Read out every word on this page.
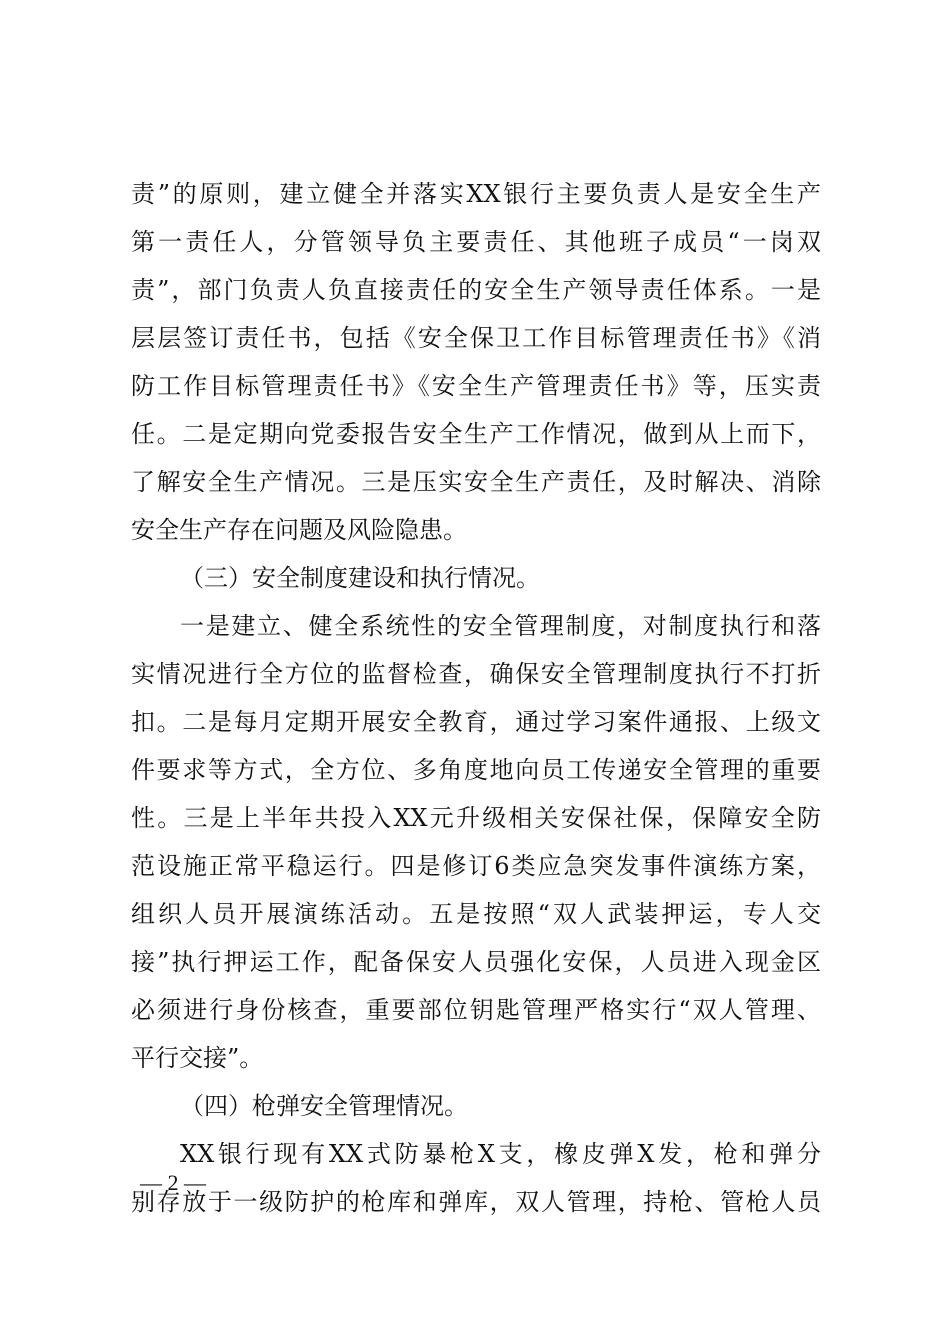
责”的原则，建立健全并落实XX银行主要负责人是安全生产
第一责任人，分管领导负主要责任、其他班子成员“一岗双
责”，部门负责人负直接责任的安全生产领导责任体系。一是
层层签订责任书，包括《安全保卫工作目标管理责任书》《消
防工作目标管理责任书》《安全生产管理责任书》等，压实责
任。二是定期向党委报告安全生产工作情况，做到从上而下，
了解安全生产情况。三是压实安全生产责任，及时解决、消除
安全生产存在问题及风险隐患。
（三）安全制度建设和执行情况。
一是建立、健全系统性的安全管理制度，对制度执行和落
实情况进行全方位的监督检查，确保安全管理制度执行不打折
扣。二是每月定期开展安全教育，通过学习案件通报、上级文
件要求等方式，全方位、多角度地向员工传递安全管理的重要
性。三是上半年共投入XX元升级相关安保社保，保障安全防
范设施正常平稳运行。四是修订6类应急突发事件演练方案，
组织人员开展演练活动。五是按照“双人武装押运，专人交
接”执行押运工作，配备保安人员强化安保，人员进入现金区
必须进行身份核查，重要部位钥匙管理严格实行“双人管理、
平行交接”。
（四）枪弹安全管理情况。
XX银行现有XX式防暴枪X支，橡皮弹X发，枪和弹分
别存放于一级防护的枪库和弹库，双人管理，持枪、管枪人员
— 2 —
